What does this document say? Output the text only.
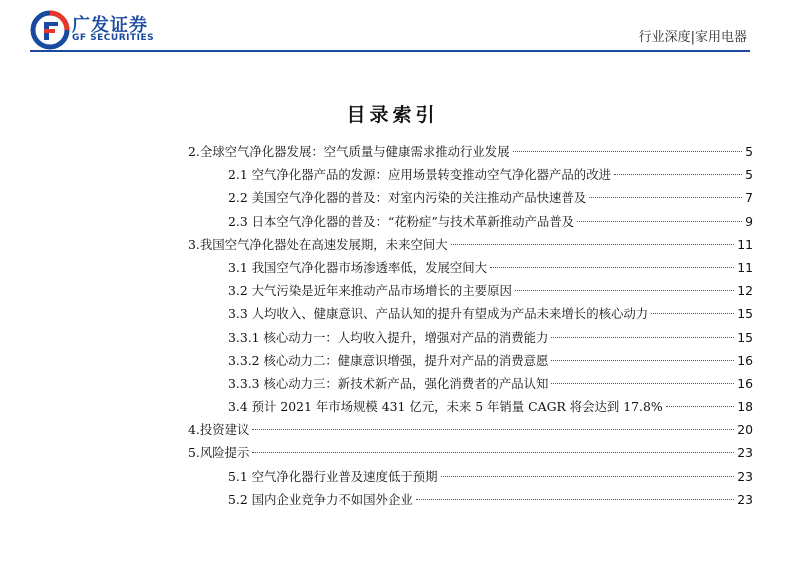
广发证券
GF SECURITIES	行业深度|家用电器
目录索引
2.全球空气净化器发展：空气质量与健康需求推动行业发展	5
2.1 空气净化器产品的发源：应用场景转变推动空气净化器产品的改进	5
2.2 美国空气净化器的普及：对室内污染的关注推动产品快速普及	7
2.3 日本空气净化器的普及：“花粉症”与技术革新推动产品普及	9
3.我国空气净化器处在高速发展期，未来空间大	11
3.1 我国空气净化器市场渗透率低，发展空间大	11
3.2 大气污染是近年来推动产品市场增长的主要原因	12
3.3 人均收入、健康意识、产品认知的提升有望成为产品未来增长的核心动力	15
3.3.1 核心动力一：人均收入提升，增强对产品的消费能力	15
3.3.2 核心动力二：健康意识增强，提升对产品的消费意愿	16
3.3.3 核心动力三：新技术新产品，强化消费者的产品认知	16
3.4 预计 2021 年市场规模 431 亿元，未来 5 年销量 CAGR 将会达到 17.8%	18
4.投资建议	20
5.风险提示	23
5.1 空气净化器行业普及速度低于预期	23
5.2 国内企业竞争力不如国外企业	23
